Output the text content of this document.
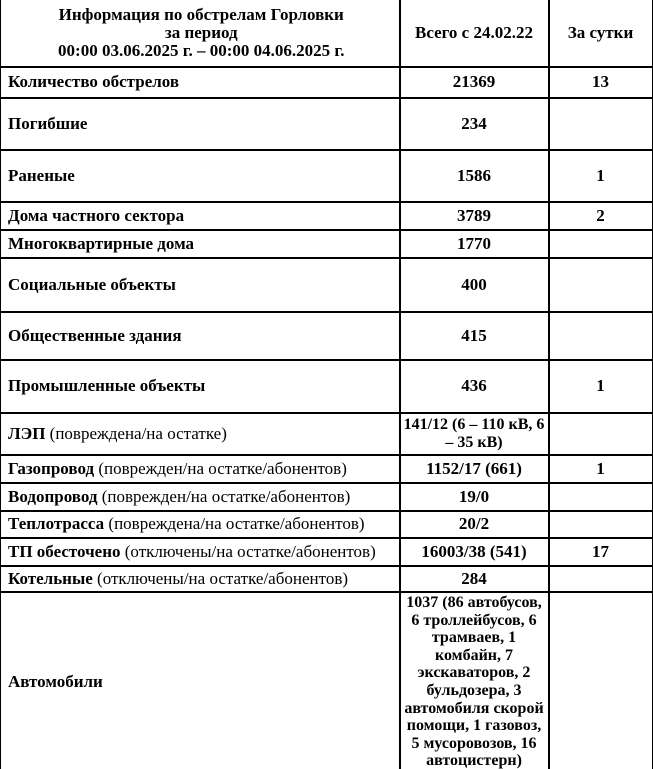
Информация по обстрелам Горловки
за период
00:00 03.06.2025 г. – 00:00 04.06.2025 г.	Всего с 24.02.22	За сутки
Количество обстрелов	21369	13
Погибшие	234	
Раненые	1586	1
Дома частного сектора	3789	2
Многоквартирные дома	1770	
Социальные объекты	400	
Общественные здания	415	
Промышленные объекты	436	1
ЛЭП (повреждена/на остатке)	141/12 (6 – 110 кВ, 6 – 35 кВ)	
Газопровод (поврежден/на остатке/абонентов)	1152/17 (661)	1
Водопровод (поврежден/на остатке/абонентов)	19/0	
Теплотрасса (повреждена/на остатке/абонентов)	20/2	
ТП обесточено (отключены/на остатке/абонентов)	16003/38 (541)	17
Котельные (отключены/на остатке/абонентов)	284	
Автомобили	1037 (86 автобусов, 6 троллейбусов, 6 трамваев, 1 комбайн, 7 экскаваторов, 2 бульдозера, 3 автомобиля скорой помощи, 1 газовоз, 5 мусоровозов, 16 автоцистерн)	
